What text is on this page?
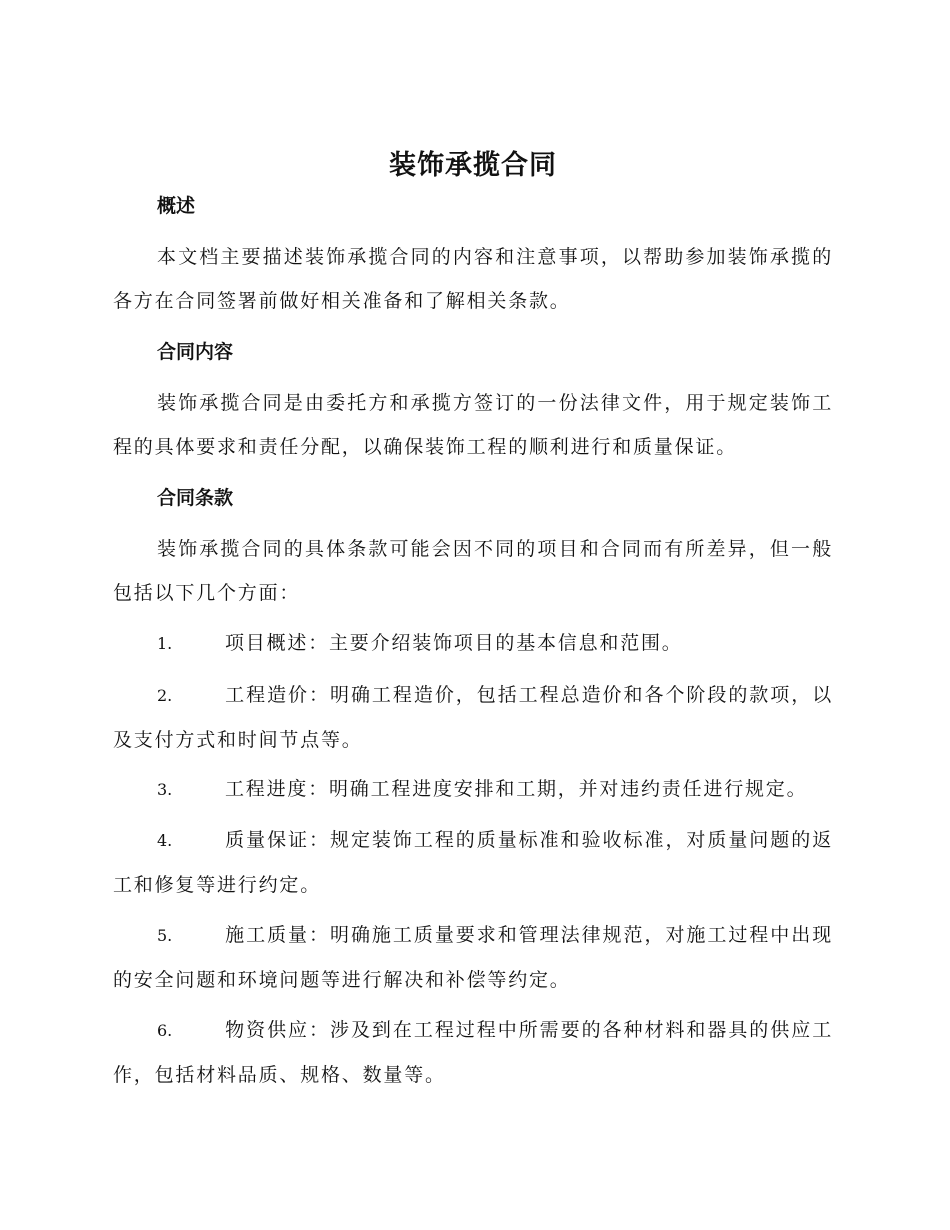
装饰承揽合同
概述
本文档主要描述装饰承揽合同的内容和注意事项，以帮助参加装饰承揽的各方在合同签署前做好相关准备和了解相关条款。
合同内容
装饰承揽合同是由委托方和承揽方签订的一份法律文件，用于规定装饰工程的具体要求和责任分配，以确保装饰工程的顺利进行和质量保证。
合同条款
装饰承揽合同的具体条款可能会因不同的项目和合同而有所差异，但一般包括以下几个方面：
1.	项目概述：主要介绍装饰项目的基本信息和范围。
2.	工程造价：明确工程造价，包括工程总造价和各个阶段的款项，以及支付方式和时间节点等。
3.	工程进度：明确工程进度安排和工期，并对违约责任进行规定。
4.	质量保证：规定装饰工程的质量标准和验收标准，对质量问题的返工和修复等进行约定。
5.	施工质量：明确施工质量要求和管理法律规范，对施工过程中出现的安全问题和环境问题等进行解决和补偿等约定。
6.	物资供应：涉及到在工程过程中所需要的各种材料和器具的供应工作，包括材料品质、规格、数量等。
